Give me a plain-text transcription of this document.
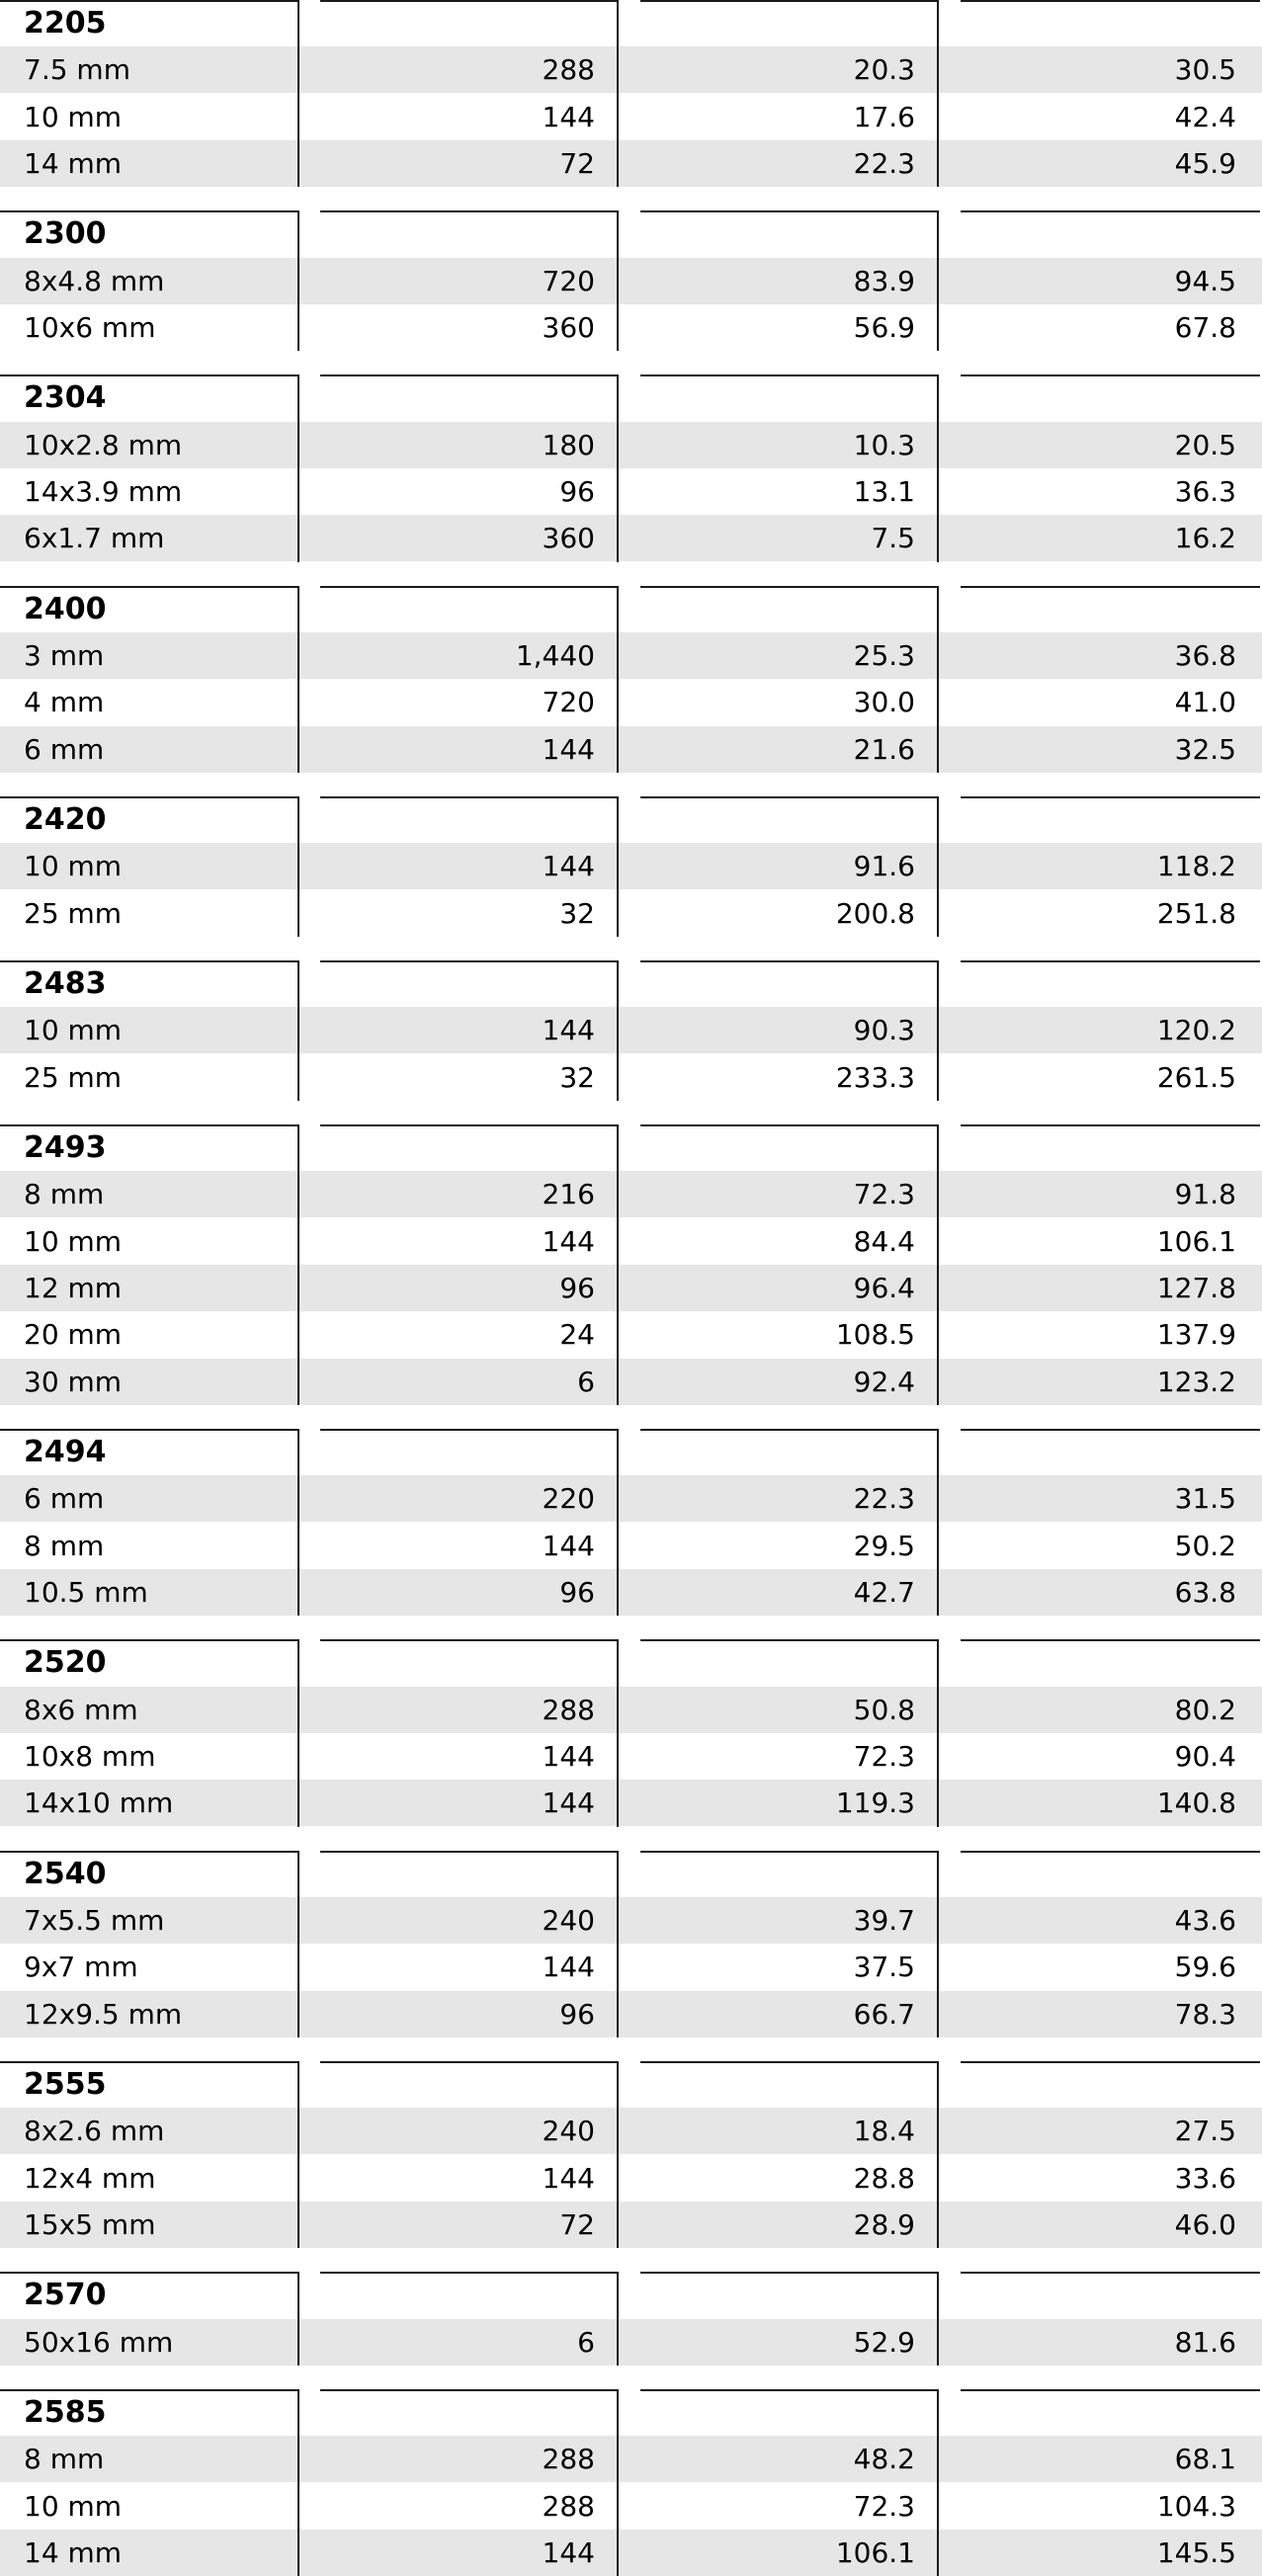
2205
7.5 mm	288	20.3	30.5
10 mm	144	17.6	42.4
14 mm	72	22.3	45.9
2300
8x4.8 mm	720	83.9	94.5
10x6 mm	360	56.9	67.8
2304
10x2.8 mm	180	10.3	20.5
14x3.9 mm	96	13.1	36.3
6x1.7 mm	360	7.5	16.2
2400
3 mm	1,440	25.3	36.8
4 mm	720	30.0	41.0
6 mm	144	21.6	32.5
2420
10 mm	144	91.6	118.2
25 mm	32	200.8	251.8
2483
10 mm	144	90.3	120.2
25 mm	32	233.3	261.5
2493
8 mm	216	72.3	91.8
10 mm	144	84.4	106.1
12 mm	96	96.4	127.8
20 mm	24	108.5	137.9
30 mm	6	92.4	123.2
2494
6 mm	220	22.3	31.5
8 mm	144	29.5	50.2
10.5 mm	96	42.7	63.8
2520
8x6 mm	288	50.8	80.2
10x8 mm	144	72.3	90.4
14x10 mm	144	119.3	140.8
2540
7x5.5 mm	240	39.7	43.6
9x7 mm	144	37.5	59.6
12x9.5 mm	96	66.7	78.3
2555
8x2.6 mm	240	18.4	27.5
12x4 mm	144	28.8	33.6
15x5 mm	72	28.9	46.0
2570
50x16 mm	6	52.9	81.6
2585
8 mm	288	48.2	68.1
10 mm	288	72.3	104.3
14 mm	144	106.1	145.5
